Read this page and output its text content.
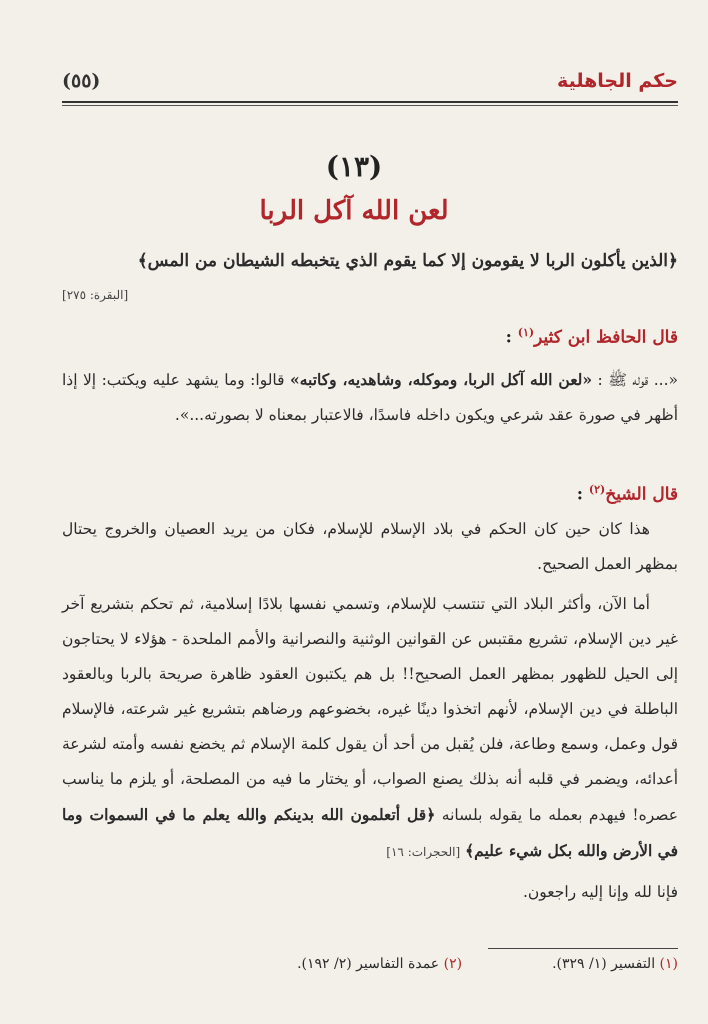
حكم الجاهلية
(٥٥)
(١٣)
لعن الله آكل الربا
﴿الذين يأكلون الربا لا يقومون إلا كما يقوم الذي يتخبطه الشيطان من المس﴾
[البقرة: ٢٧٥]
قال الحافظ ابن كثير$^{(١)}$ :

«... قوله ﷺ : «لعن الله آكل الربا، وموكله، وشاهديه، وكاتبه» قالوا: وما يشهد عليه ويكتب: إلا إذا أظهر في صورة عقد شرعي ويكون داخله فاسدًا، فالاعتبار بمعناه لا بصورته...».

قال الشيخ$^{(٢)}$ :

هذا كان حين كان الحكم في بلاد الإسلام للإسلام، فكان من يريد العصيان والخروج يحتال بمظهر العمل الصحيح.

أما الآن، وأكثر البلاد التي تنتسب للإسلام، وتسمي نفسها بلادًا إسلامية، ثم تحكم بتشريع آخر غير دين الإسلام، تشريع مقتبس عن القوانين الوثنية والنصرانية والأمم الملحدة - هؤلاء لا يحتاجون إلى الحيل للظهور بمظهر العمل الصحيح!! بل هم يكتبون العقود ظاهرة صريحة بالربا وبالعقود الباطلة في دين الإسلام، لأنهم اتخذوا دينًا غيره، بخضوعهم ورضاهم بتشريع غير شرعته، فالإسلام قول وعمل، وسمع وطاعة، فلن يُقبل من أحد أن يقول كلمة الإسلام ثم يخضع نفسه وأمته لشرعة أعدائه، ويضمر في قلبه أنه بذلك يصنع الصواب، أو يختار ما فيه من المصلحة، أو يلزم ما يناسب عصره! فيهدم بعمله ما يقوله بلسانه ﴿قل أتعلمون الله بدينكم والله يعلم ما في السموات وما في الأرض والله بكل شيء عليم﴾ [الحجرات: ١٦]

فإنا لله وإنا إليه راجعون.

(١) التفسير (١/ ٣٢٩).
(٢) عمدة التفاسير (٢/ ١٩٢).
